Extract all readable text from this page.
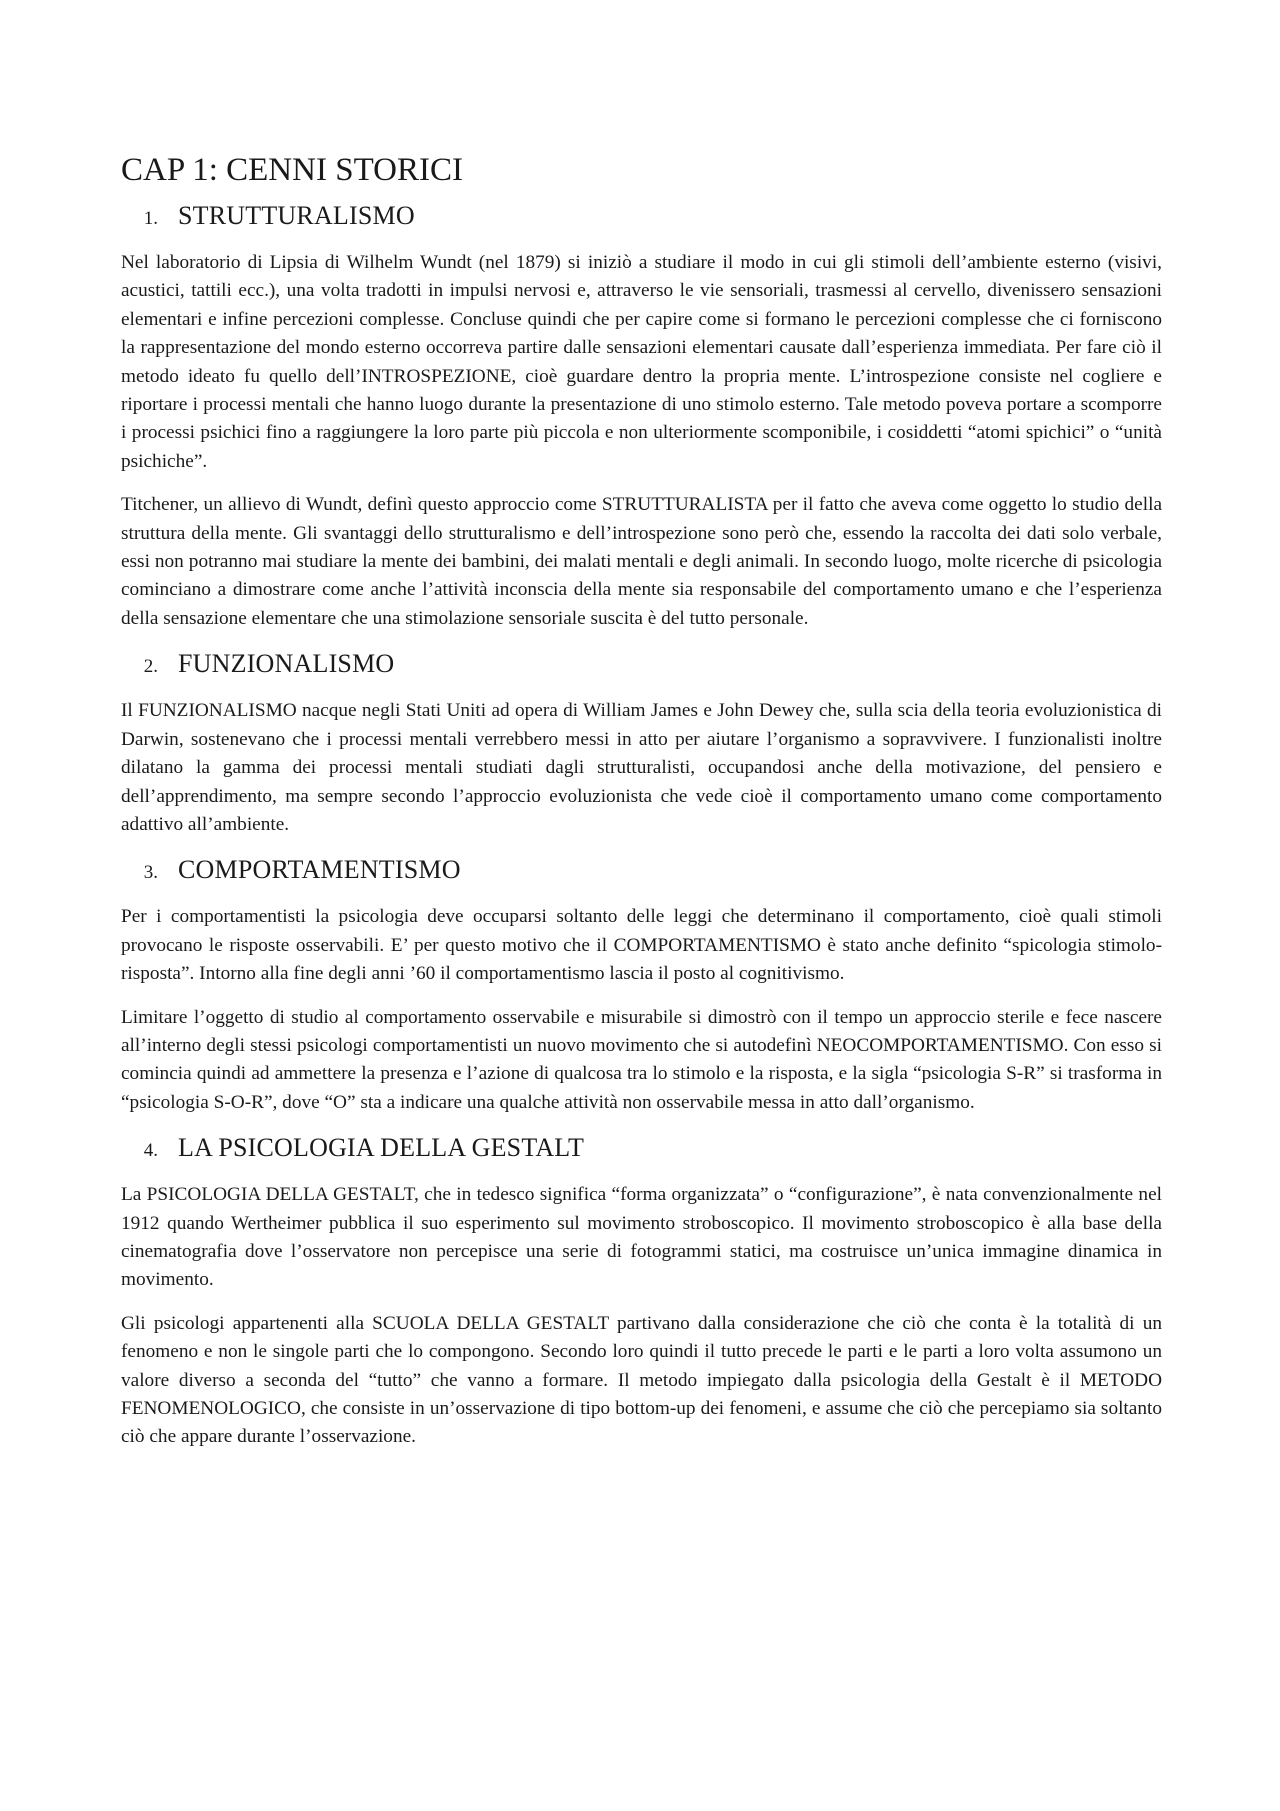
CAP 1: CENNI STORICI
1. STRUTTURALISMO

Nel laboratorio di Lipsia di Wilhelm Wundt (nel 1879) si iniziò a studiare il modo in cui gli stimoli dell’ambiente esterno (visivi, acustici, tattili ecc.), una volta tradotti in impulsi nervosi e, attraverso le vie sensoriali, trasmessi al cervello, divenissero sensazioni elementari e infine percezioni complesse. Concluse quindi che per capire come si formano le percezioni complesse che ci forniscono la rappresentazione del mondo esterno occorreva partire dalle sensazioni elementari causate dall’esperienza immediata. Per fare ciò il metodo ideato fu quello dell’INTROSPEZIONE, cioè guardare dentro la propria mente. L’introspezione consiste nel cogliere e riportare i processi mentali che hanno luogo durante la presentazione di uno stimolo esterno. Tale metodo poveva portare a scomporre i processi psichici fino a raggiungere la loro parte più piccola e non ulteriormente scomponibile, i cosiddetti “atomi spichici” o “unità psichiche”.

Titchener, un allievo di Wundt, definì questo approccio come STRUTTURALISTA per il fatto che aveva come oggetto lo studio della struttura della mente. Gli svantaggi dello strutturalismo e dell’introspezione sono però che, essendo la raccolta dei dati solo verbale, essi non potranno mai studiare la mente dei bambini, dei malati mentali e degli animali. In secondo luogo, molte ricerche di psicologia cominciano a dimostrare come anche l’attività inconscia della mente sia responsabile del comportamento umano e che l’esperienza della sensazione elementare che una stimolazione sensoriale suscita è del tutto personale.

2. FUNZIONALISMO

Il FUNZIONALISMO nacque negli Stati Uniti ad opera di William James e John Dewey che, sulla scia della teoria evoluzionistica di Darwin, sostenevano che i processi mentali verrebbero messi in atto per aiutare l’organismo a sopravvivere. I funzionalisti inoltre dilatano la gamma dei processi mentali studiati dagli strutturalisti, occupandosi anche della motivazione, del pensiero e dell’apprendimento, ma sempre secondo l’approccio evoluzionista che vede cioè il comportamento umano come comportamento adattivo all’ambiente.

3. COMPORTAMENTISMO

Per i comportamentisti la psicologia deve occuparsi soltanto delle leggi che determinano il comportamento, cioè quali stimoli provocano le risposte osservabili. E’ per questo motivo che il COMPORTAMENTISMO è stato anche definito “spicologia stimolo-risposta”. Intorno alla fine degli anni ’60 il comportamentismo lascia il posto al cognitivismo.

Limitare l’oggetto di studio al comportamento osservabile e misurabile si dimostrò con il tempo un approccio sterile e fece nascere all’interno degli stessi psicologi comportamentisti un nuovo movimento che si autodefinì NEOCOMPORTAMENTISMO. Con esso si comincia quindi ad ammettere la presenza e l’azione di qualcosa tra lo stimolo e la risposta, e la sigla “psicologia S-R” si trasforma in “psicologia S-O-R”, dove “O” sta a indicare una qualche attività non osservabile messa in atto dall’organismo.

4. LA PSICOLOGIA DELLA GESTALT

La PSICOLOGIA DELLA GESTALT, che in tedesco significa “forma organizzata” o “configurazione”, è nata convenzionalmente nel 1912 quando Wertheimer pubblica il suo esperimento sul movimento stroboscopico. Il movimento stroboscopico è alla base della cinematografia dove l’osservatore non percepisce una serie di fotogrammi statici, ma costruisce un’unica immagine dinamica in movimento.

Gli psicologi appartenenti alla SCUOLA DELLA GESTALT partivano dalla considerazione che ciò che conta è la totalità di un fenomeno e non le singole parti che lo compongono. Secondo loro quindi il tutto precede le parti e le parti a loro volta assumono un valore diverso a seconda del “tutto” che vanno a formare. Il metodo impiegato dalla psicologia della Gestalt è il METODO FENOMENOLOGICO, che consiste in un’osservazione di tipo bottom-up dei fenomeni, e assume che ciò che percepiamo sia soltanto ciò che appare durante l’osservazione.
